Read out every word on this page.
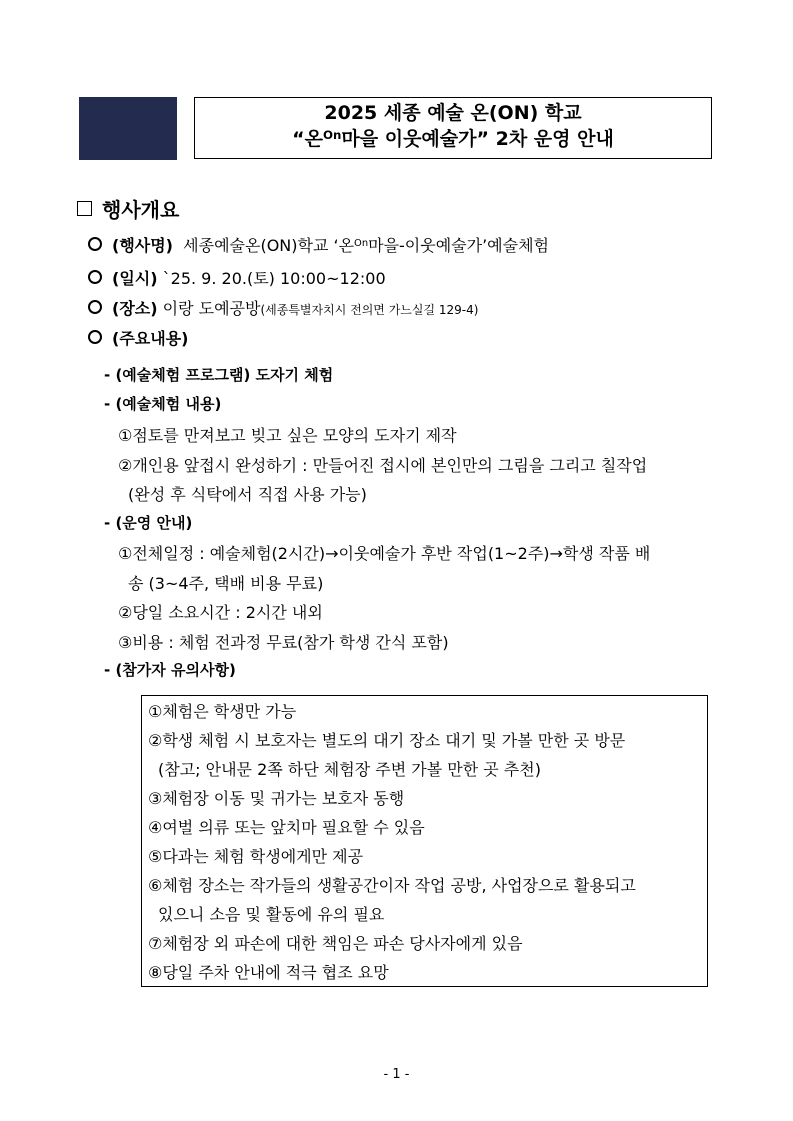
2025 세종 예술 온(ON) 학교
“온$^{On}$마을 이웃예술가” 2차 운영 안내
행사개요
(행사명) 세종예술온(ON)학교 ‘온$^{On}$마을-이웃예술가’예술체험
(일시) `25. 9. 20.(토) 10:00~12:00
(장소) 이랑 도예공방(세종특별자치시 전의면 가느실길 129-4)
(주요내용)
- (예술체험 프로그램) 도자기 체험
- (예술체험 내용)
①점토를 만져보고 빚고 싶은 모양의 도자기 제작
②개인용 앞접시 완성하기 : 만들어진 접시에 본인만의 그림을 그리고 칠작업
(완성 후 식탁에서 직접 사용 가능)
- (운영 안내)
①전체일정 : 예술체험(2시간)→이웃예술가 후반 작업(1~2주)→학생 작품 배
송 (3~4주, 택배 비용 무료)
②당일 소요시간 : 2시간 내외
③비용 : 체험 전과정 무료(참가 학생 간식 포함)
- (참가자 유의사항)
①체험은 학생만 가능
②학생 체험 시 보호자는 별도의 대기 장소 대기 및 가볼 만한 곳 방문
(참고; 안내문 2쪽 하단 체험장 주변 가볼 만한 곳 추천)
③체험장 이동 및 귀가는 보호자 동행
④여벌 의류 또는 앞치마 필요할 수 있음
⑤다과는 체험 학생에게만 제공
⑥체험 장소는 작가들의 생활공간이자 작업 공방, 사업장으로 활용되고
있으니 소음 및 활동에 유의 필요
⑦체험장 외 파손에 대한 책임은 파손 당사자에게 있음
⑧당일 주차 안내에 적극 협조 요망
- 1 -
